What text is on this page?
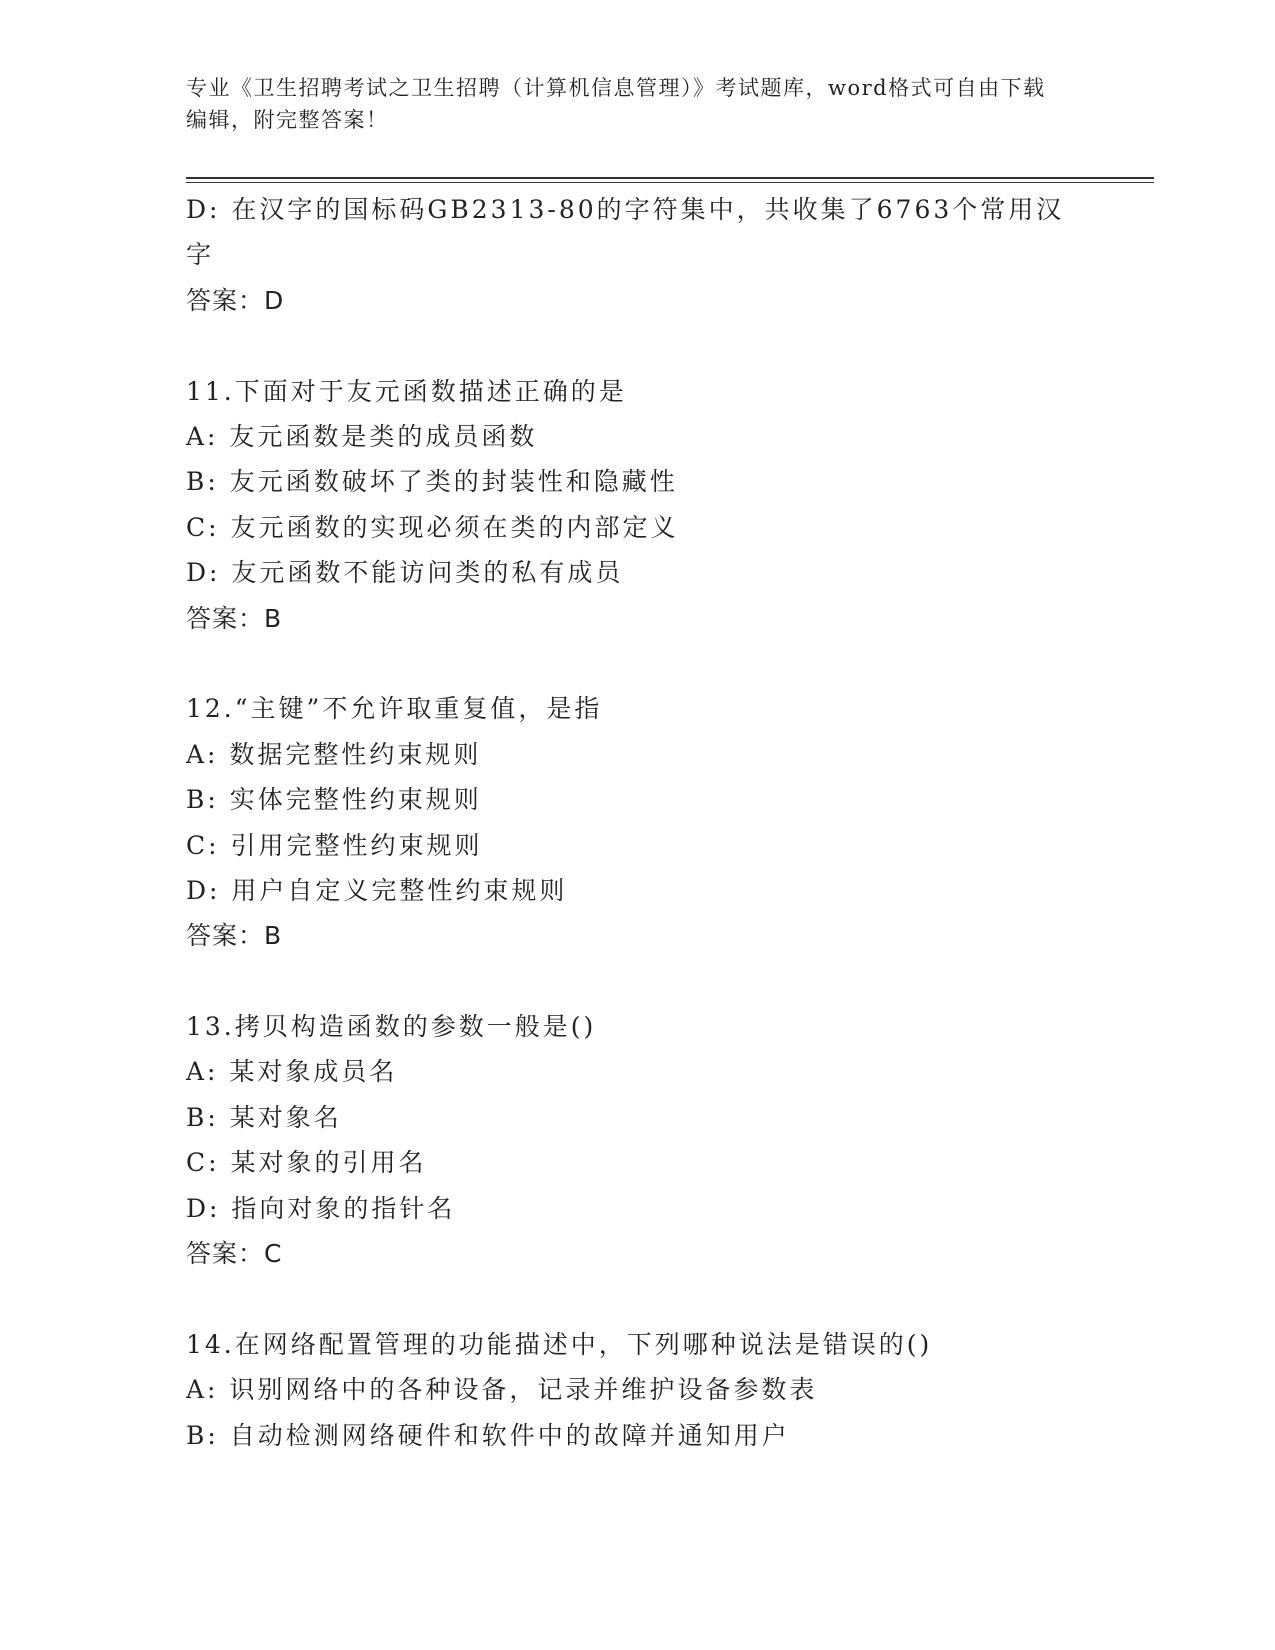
专业《卫生招聘考试之卫生招聘（计算机信息管理）》考试题库，word格式可自由下载编辑，附完整答案！
D: 在汉字的国标码GB2313-80的字符集中，共收集了6763个常用汉字
答案：D
11.下面对于友元函数描述正确的是
A: 友元函数是类的成员函数
B: 友元函数破坏了类的封装性和隐藏性
C: 友元函数的实现必须在类的内部定义
D: 友元函数不能访问类的私有成员
答案：B
12.“主键”不允许取重复值，是指
A: 数据完整性约束规则
B: 实体完整性约束规则
C: 引用完整性约束规则
D: 用户自定义完整性约束规则
答案：B
13.拷贝构造函数的参数一般是()
A: 某对象成员名
B: 某对象名
C: 某对象的引用名
D: 指向对象的指针名
答案：C
14.在网络配置管理的功能描述中，下列哪种说法是错误的()
A: 识别网络中的各种设备，记录并维护设备参数表
B: 自动检测网络硬件和软件中的故障并通知用户
